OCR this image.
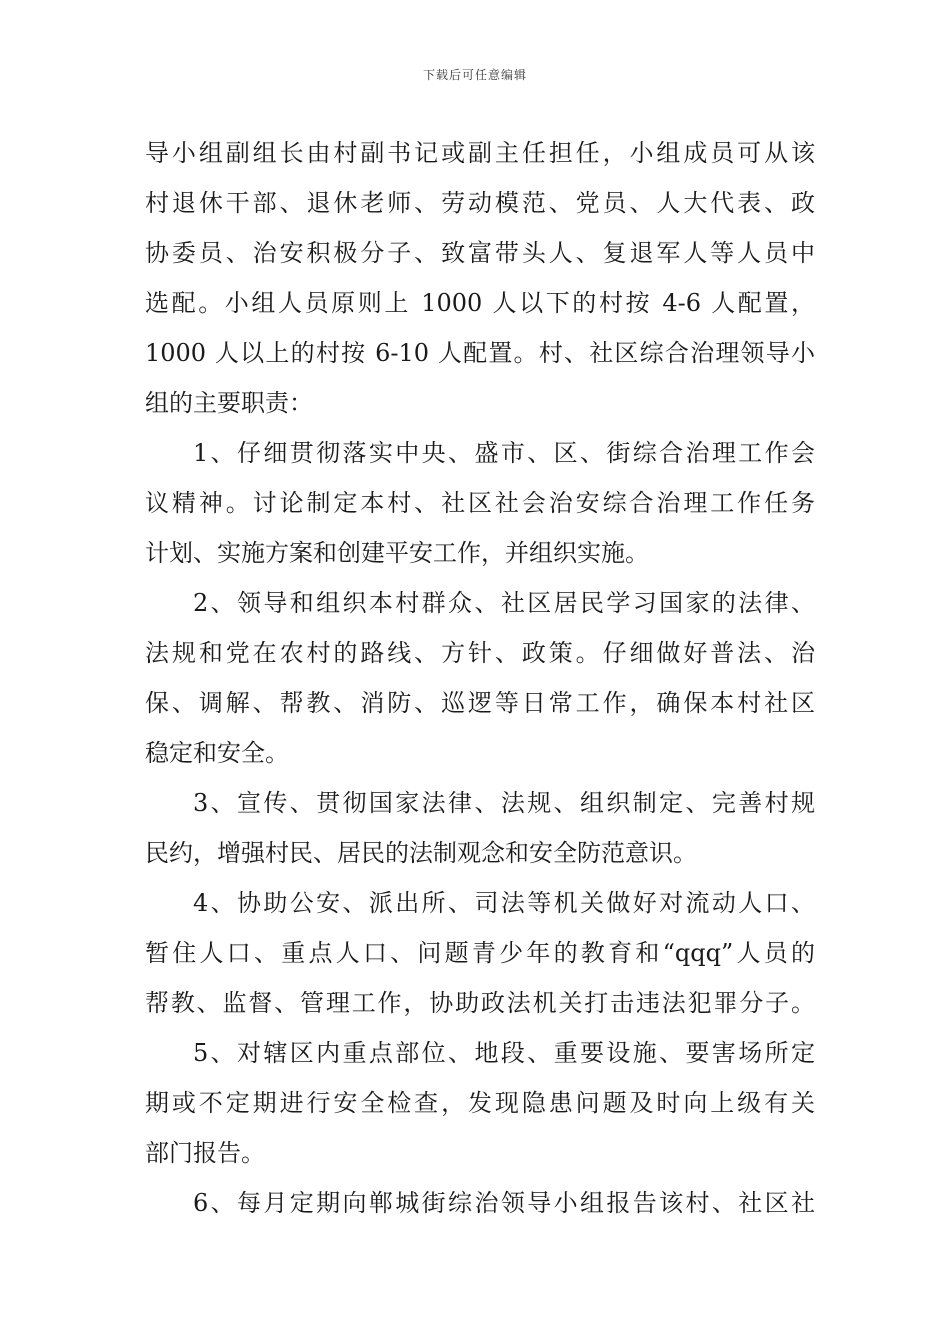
下载后可任意编辑
导小组副组长由村副书记或副主任担任，小组成员可从该
村退休干部、退休老师、劳动模范、党员、人大代表、政
协委员、治安积极分子、致富带头人、复退军人等人员中
选配。小组人员原则上 1000 人以下的村按 4-6 人配置，
1000 人以上的村按 6-10 人配置。村、社区综合治理领导小
组的主要职责：
1、仔细贯彻落实中央、盛市、区、街综合治理工作会
议精神。讨论制定本村、社区社会治安综合治理工作任务
计划、实施方案和创建平安工作，并组织实施。
2、领导和组织本村群众、社区居民学习国家的法律、
法规和党在农村的路线、方针、政策。仔细做好普法、治
保、调解、帮教、消防、巡逻等日常工作，确保本村社区
稳定和安全。
3、宣传、贯彻国家法律、法规、组织制定、完善村规
民约，增强村民、居民的法制观念和安全防范意识。
4、协助公安、派出所、司法等机关做好对流动人口、
暂住人口、重点人口、问题青少年的教育和“qqq”人员的
帮教、监督、管理工作，协助政法机关打击违法犯罪分子。
5、对辖区内重点部位、地段、重要设施、要害场所定
期或不定期进行安全检查，发现隐患问题及时向上级有关
部门报告。
6、每月定期向郸城街综治领导小组报告该村、社区社
